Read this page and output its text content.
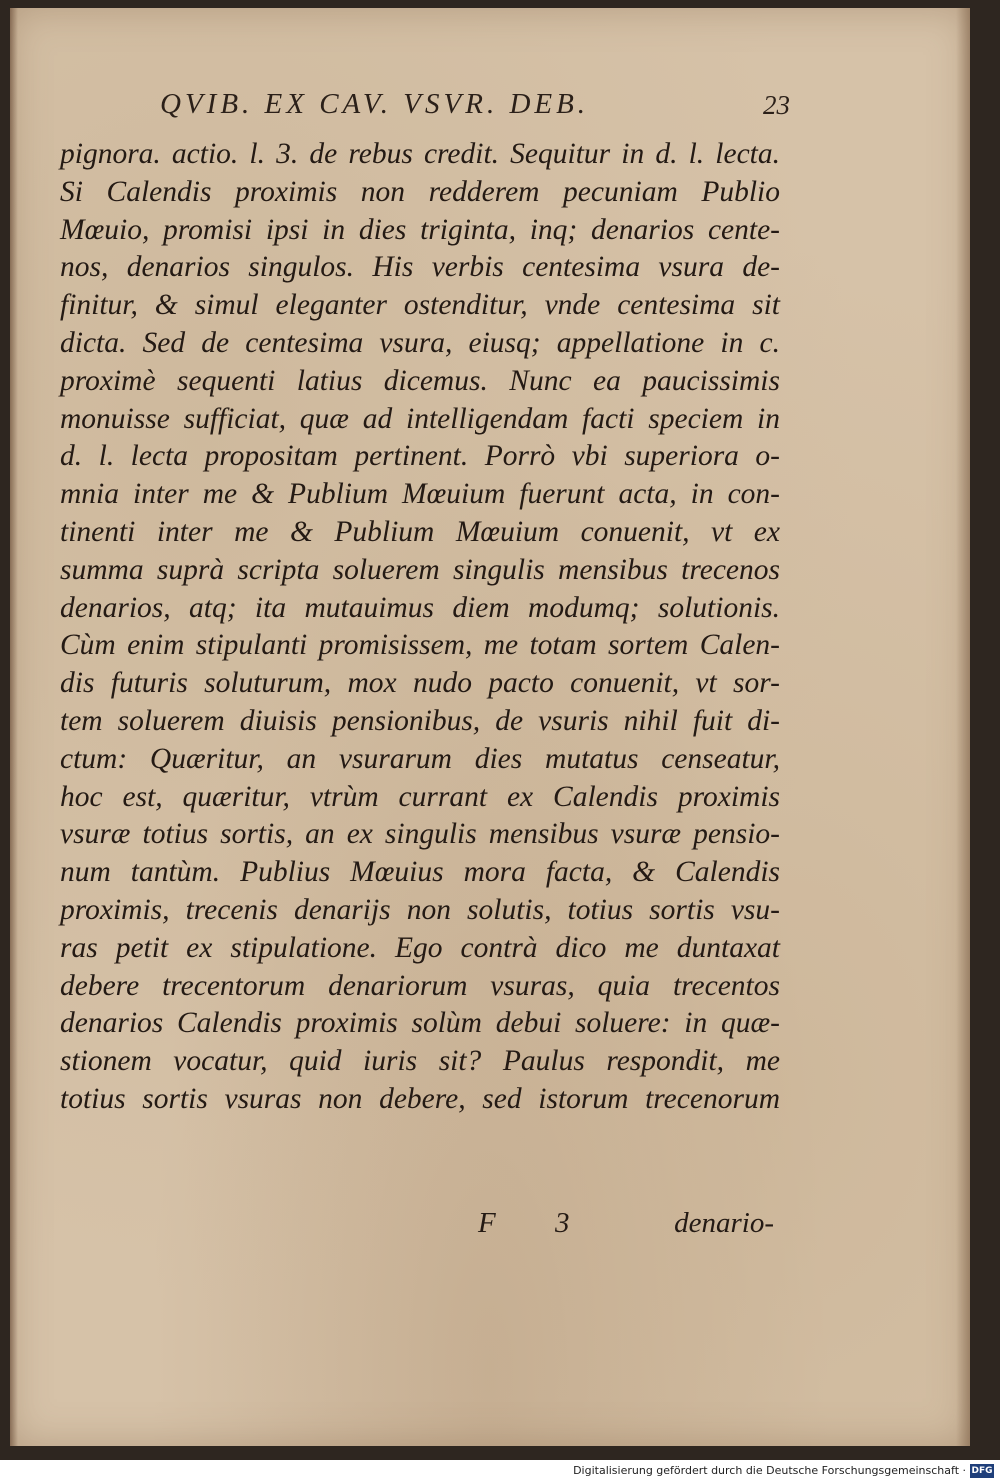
QVIB. EX CAV. VSVR. DEB.	23
pignora. actio. l. 3. de rebus credit. Sequitur in d. l. lecta.
Si Calendis proximis non redderem pecuniam Publio
Mœuio, promisi ipsi in dies triginta, inq; denarios cente-
nos, denarios singulos. His verbis centesima vsura de-
finitur, & simul eleganter ostenditur, vnde centesima sit
dicta. Sed de centesima vsura, eiusq; appellatione in c.
proximè sequenti latius dicemus. Nunc ea paucissimis
monuisse sufficiat, quæ ad intelligendam facti speciem in
d. l. lecta propositam pertinent. Porrò vbi superiora o-
mnia inter me & Publium Mœuium fuerunt acta, in con-
tinenti inter me & Publium Mœuium conuenit, vt ex
summa suprà scripta soluerem singulis mensibus trecenos
denarios, atq; ita mutauimus diem modumq; solutionis.
Cùm enim stipulanti promisissem, me totam sortem Calen-
dis futuris soluturum, mox nudo pacto conuenit, vt sor-
tem soluerem diuisis pensionibus, de vsuris nihil fuit di-
ctum: Quæritur, an vsurarum dies mutatus censeatur,
hoc est, quæritur, vtrùm currant ex Calendis proximis
vsuræ totius sortis, an ex singulis mensibus vsuræ pensio-
num tantùm. Publius Mœuius mora facta, & Calendis
proximis, trecenis denarijs non solutis, totius sortis vsu-
ras petit ex stipulatione. Ego contrà dico me duntaxat
debere trecentorum denariorum vsuras, quia trecentos
denarios Calendis proximis solùm debui soluere: in quæ-
stionem vocatur, quid iuris sit? Paulus respondit, me
totius sortis vsuras non debere, sed istorum trecenorum
F 3	denario-
Digitalisierung gefördert durch die Deutsche Forschungsgemeinschaft · DFG
